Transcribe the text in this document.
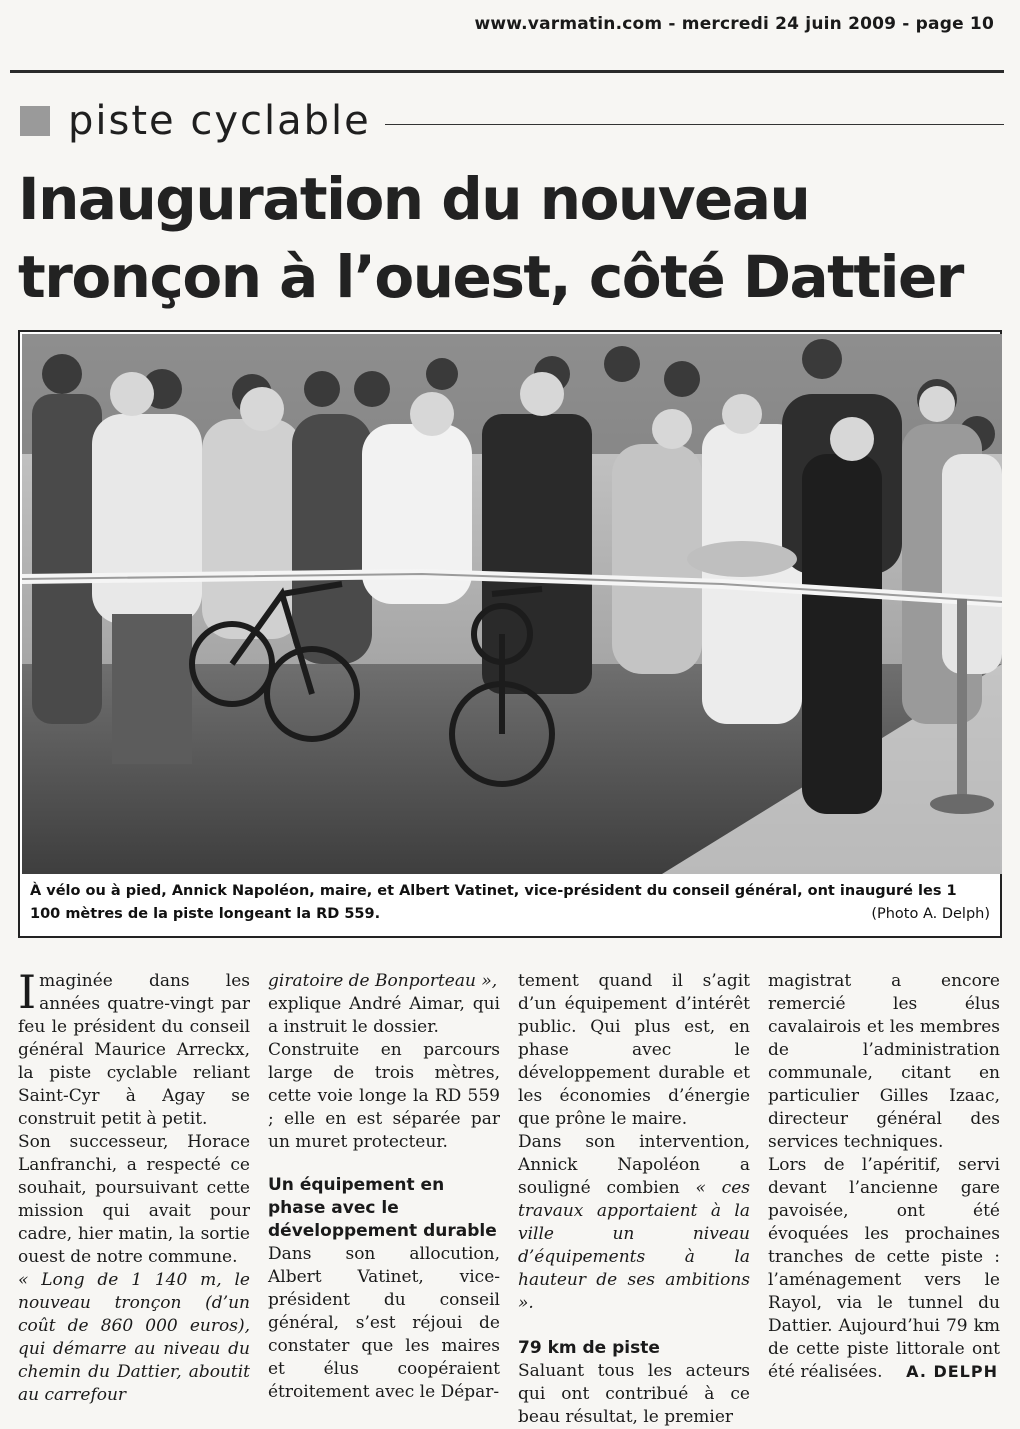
www.varmatin.com - mercredi 24 juin 2009 - page 10
piste cyclable
Inauguration du nouveau
tronçon à l’ouest, côté Dattier
À vélo ou à pied, Annick Napoléon, maire, et Albert Vatinet, vice-président du conseil général, ont inauguré les 1 100 mètres de la piste longeant la RD 559.	(Photo A. Delph)

Imaginée dans les années quatre-vingt par feu le président du conseil général Maurice Arreckx, la piste cyclable reliant Saint-Cyr à Agay se construit petit à petit.

Son successeur, Horace Lanfranchi, a respecté ce souhait, poursuivant cette mission qui avait pour cadre, hier matin, la sortie ouest de notre commune.

« Long de 1 140 m, le nouveau tronçon (d’un coût de 860 000 euros), qui démarre au niveau du chemin du Dattier, aboutit au carrefour

giratoire de Bonporteau »,

explique André Aimar, qui a instruit le dossier.

Construite en parcours large de trois mètres, cette voie longe la RD 559 ; elle en est séparée par un muret protecteur.

Un équipement en phase avec le développement durable

Dans son allocution, Albert Vatinet, vice-président du conseil général, s’est réjoui de constater que les maires et élus coopéraient étroitement avec le Dépar-

tement quand il s’agit d’un équipement d’intérêt public. Qui plus est, en phase avec le développement durable et les économies d’énergie que prône le maire.

Dans son intervention, Annick Napoléon a souligné combien « ces travaux apportaient à la ville un niveau d’équipements à la hauteur de ses ambitions ».

79 km de piste

Saluant tous les acteurs qui ont contribué à ce beau résultat, le premier

magistrat a encore remercié les élus cavalairois et les membres de l’administration communale, citant en particulier Gilles Izaac, directeur général des services techniques.

Lors de l’apéritif, servi devant l’ancienne gare pavoisée, ont été évoquées les prochaines tranches de cette piste : l’aménagement vers le Rayol, via le tunnel du Dattier. Aujourd’hui 79 km de cette piste littorale ont été réalisées.	A. DELPH
